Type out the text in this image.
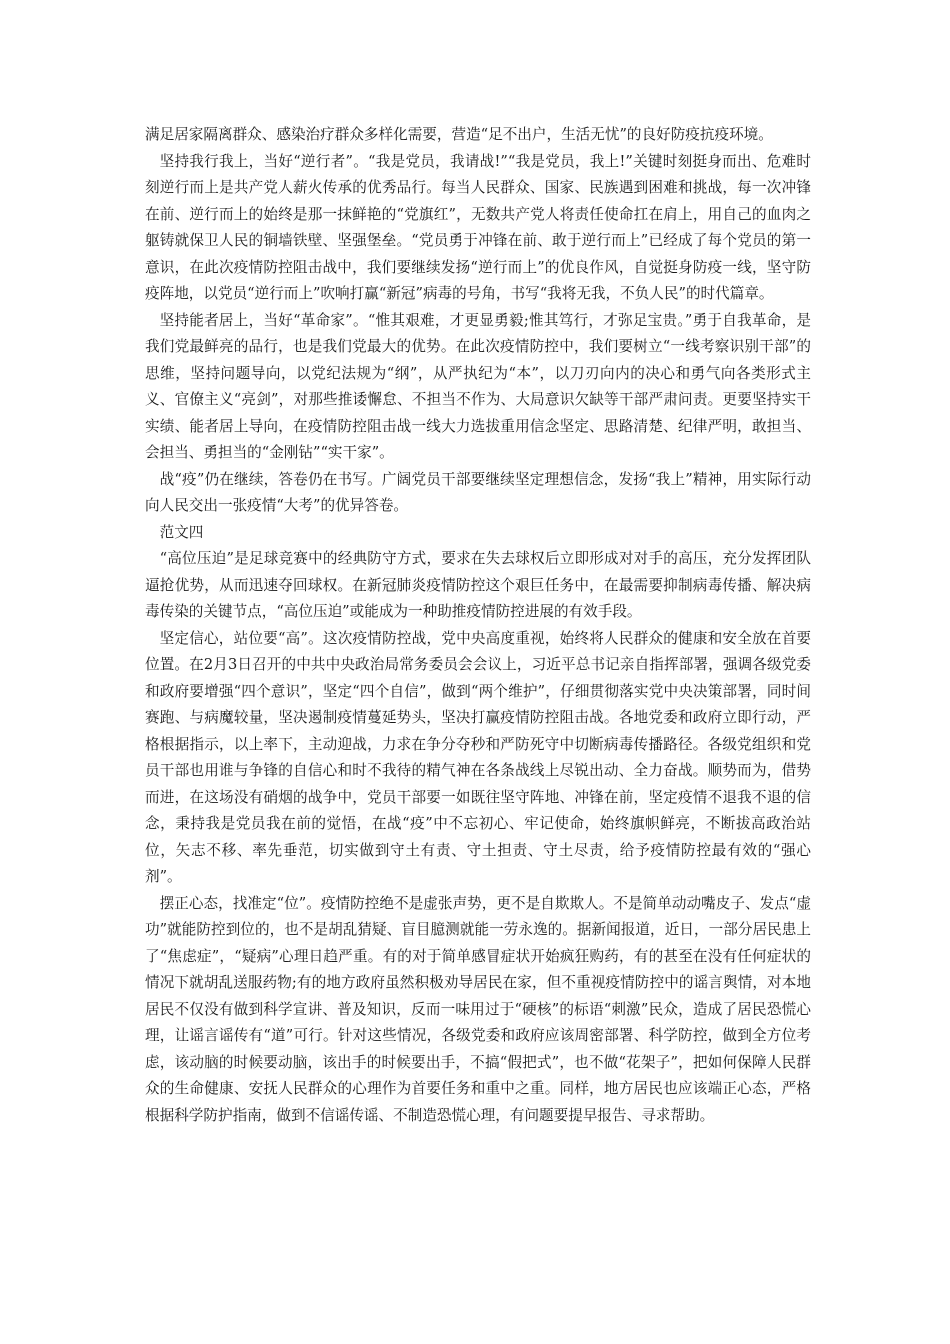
满足居家隔离群众、感染治疗群众多样化需要，营造“足不出户，生活无忧”的良好防疫抗疫环境。

坚持我行我上，当好“逆行者”。“我是党员，我请战!”“我是党员，我上!”关键时刻挺身而出、危难时刻逆行而上是共产党人薪火传承的优秀品行。每当人民群众、国家、民族遇到困难和挑战，每一次冲锋在前、逆行而上的始终是那一抹鲜艳的“党旗红”，无数共产党人将责任使命扛在肩上，用自己的血肉之躯铸就保卫人民的铜墙铁壁、坚强堡垒。“党员勇于冲锋在前、敢于逆行而上”已经成了每个党员的第一意识，在此次疫情防控阻击战中，我们要继续发扬“逆行而上”的优良作风，自觉挺身防疫一线，坚守防疫阵地，以党员“逆行而上”吹响打赢“新冠”病毒的号角，书写“我将无我，不负人民”的时代篇章。

坚持能者居上，当好“革命家”。“惟其艰难，才更显勇毅;惟其笃行，才弥足宝贵。”勇于自我革命，是我们党最鲜亮的品行，也是我们党最大的优势。在此次疫情防控中，我们要树立“一线考察识别干部”的思维，坚持问题导向，以党纪法规为“纲”，从严执纪为“本”，以刀刃向内的决心和勇气向各类形式主义、官僚主义“亮剑”，对那些推诿懈怠、不担当不作为、大局意识欠缺等干部严肃问责。更要坚持实干实绩、能者居上导向，在疫情防控阻击战一线大力选拔重用信念坚定、思路清楚、纪律严明，敢担当、会担当、勇担当的“金刚钻”“实干家”。

战“疫”仍在继续，答卷仍在书写。广阔党员干部要继续坚定理想信念，发扬“我上”精神，用实际行动向人民交出一张疫情“大考”的优异答卷。

范文四

“高位压迫”是足球竞赛中的经典防守方式，要求在失去球权后立即形成对对手的高压，充分发挥团队逼抢优势，从而迅速夺回球权。在新冠肺炎疫情防控这个艰巨任务中，在最需要抑制病毒传播、解决病毒传染的关键节点，“高位压迫”或能成为一种助推疫情防控进展的有效手段。

坚定信心，站位要“高”。这次疫情防控战，党中央高度重视，始终将人民群众的健康和安全放在首要位置。在2月3日召开的中共中央政治局常务委员会会议上，习近平总书记亲自指挥部署，强调各级党委和政府要增强“四个意识”，坚定“四个自信”，做到“两个维护”，仔细贯彻落实党中央决策部署，同时间赛跑、与病魔较量，坚决遏制疫情蔓延势头，坚决打赢疫情防控阻击战。各地党委和政府立即行动，严格根据指示，以上率下，主动迎战，力求在争分夺秒和严防死守中切断病毒传播路径。各级党组织和党员干部也用谁与争锋的自信心和时不我待的精气神在各条战线上尽锐出动、全力奋战。顺势而为，借势而进，在这场没有硝烟的战争中，党员干部要一如既往坚守阵地、冲锋在前，坚定疫情不退我不退的信念，秉持我是党员我在前的觉悟，在战“疫”中不忘初心、牢记使命，始终旗帜鲜亮，不断拔高政治站位，矢志不移、率先垂范，切实做到守土有责、守土担责、守土尽责，给予疫情防控最有效的“强心剂”。

摆正心态，找准定“位”。疫情防控绝不是虚张声势，更不是自欺欺人。不是简单动动嘴皮子、发点“虚功”就能防控到位的，也不是胡乱猜疑、盲目臆测就能一劳永逸的。据新闻报道，近日，一部分居民患上了“焦虑症”，“疑病”心理日趋严重。有的对于简单感冒症状开始疯狂购药，有的甚至在没有任何症状的情况下就胡乱送服药物;有的地方政府虽然积极劝导居民在家，但不重视疫情防控中的谣言舆情，对本地居民不仅没有做到科学宣讲、普及知识，反而一味用过于“硬核”的标语“刺激”民众，造成了居民恐慌心理，让谣言谣传有“道”可行。针对这些情况，各级党委和政府应该周密部署、科学防控，做到全方位考虑，该动脑的时候要动脑，该出手的时候要出手，不搞“假把式”，也不做“花架子”，把如何保障人民群众的生命健康、安抚人民群众的心理作为首要任务和重中之重。同样，地方居民也应该端正心态，严格根据科学防护指南，做到不信谣传谣、不制造恐慌心理，有问题要提早报告、寻求帮助。
